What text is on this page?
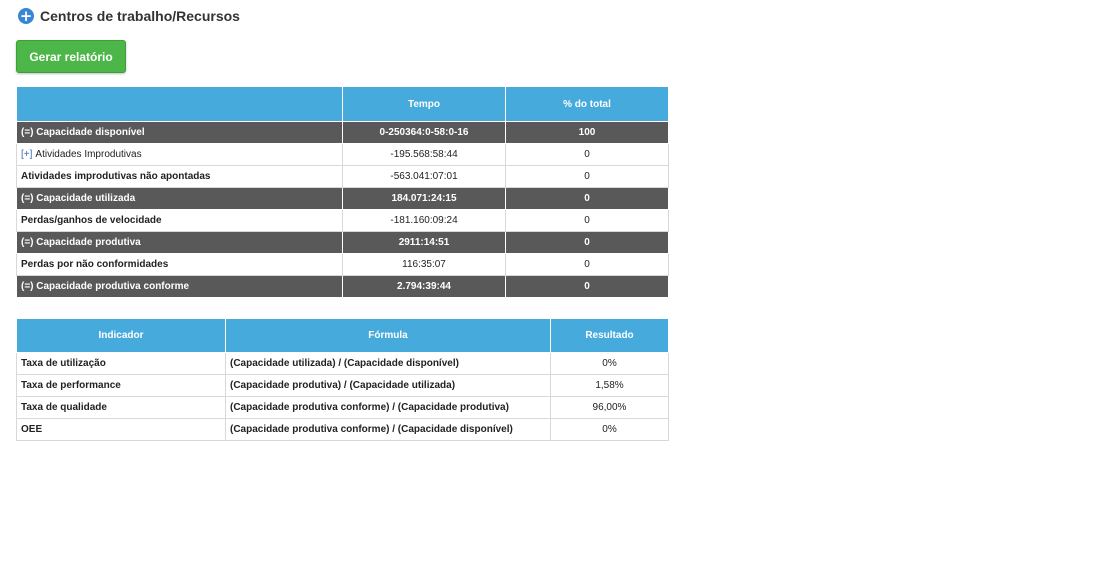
+ Centros de trabalho/Recursos
Gerar relatório
	Tempo	% do total
(=) Capacidade disponível	0-250364:0-58:0-16	100
[+] Atividades Improdutivas	-195.568:58:44	0
Atividades improdutivas não apontadas	-563.041:07:01	0
(=) Capacidade utilizada	184.071:24:15	0
Perdas/ganhos de velocidade	-181.160:09:24	0
(=) Capacidade produtiva	2911:14:51	0
Perdas por não conformidades	116:35:07	0
(=) Capacidade produtiva conforme	2.794:39:44	0
Indicador	Fórmula	Resultado
Taxa de utilização	(Capacidade utilizada) / (Capacidade disponível)	0%
Taxa de performance	(Capacidade produtiva) / (Capacidade utilizada)	1,58%
Taxa de qualidade	(Capacidade produtiva conforme) / (Capacidade produtiva)	96,00%
OEE	(Capacidade produtiva conforme) / (Capacidade disponível)	0%
